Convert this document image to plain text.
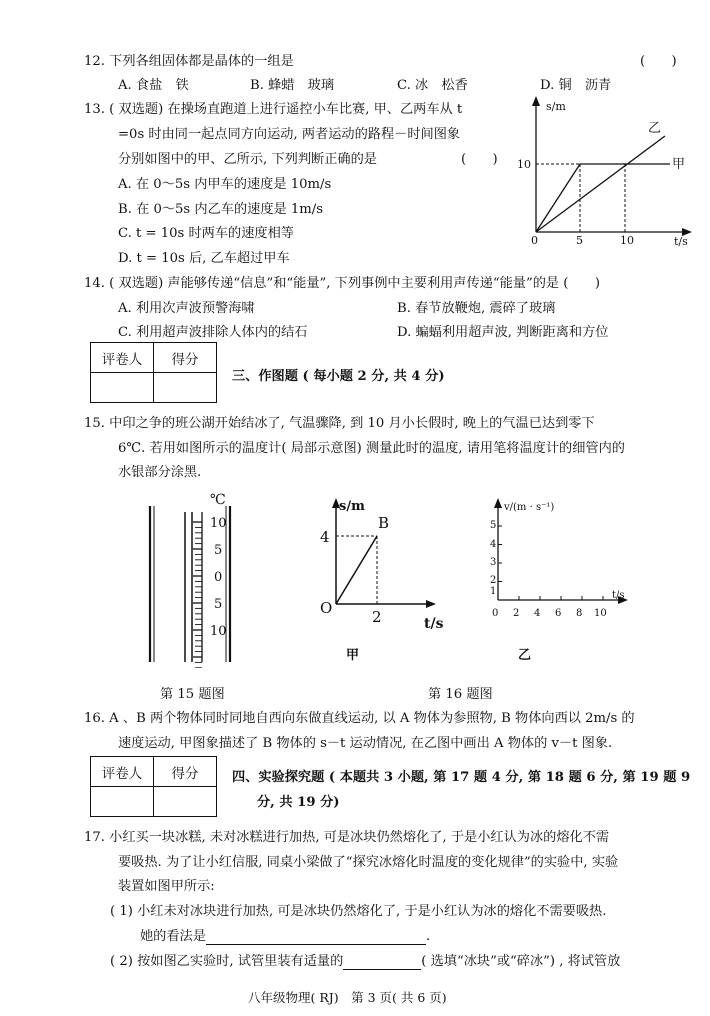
12. 下列各组固体都是晶体的一组是	(　　)
A. 食盐　铁	B. 蜂蜡　玻璃	C. 冰　松香	D. 铜　沥青
13. ( 双选题) 在操场直跑道上进行遥控小车比赛, 甲、乙两车从 t
=0s 时由同一起点同方向运动, 两者运动的路程－时间图象
分别如图中的甲、乙所示, 下列判断正确的是	(　　)
A. 在 0～5s 内甲车的速度是 10m/s
B. 在 0～5s 内乙车的速度是 1m/s
C. t = 10s 时两车的速度相等
D. t = 10s 后, 乙车超过甲车
s/m
t/s
10
0	5	10
乙
甲
14. ( 双选题) 声能够传递“信息”和“能量”, 下列事例中主要利用声传递“能量”的是 (　　)
A. 利用次声波预警海啸	B. 春节放鞭炮, 震碎了玻璃
C. 利用超声波排除人体内的结石	D. 蝙蝠利用超声波, 判断距离和方位
评卷人	得分

三、作图题 ( 每小题 2 分, 共 4 分)
15. 中印之争的班公湖开始结冰了, 气温骤降, 到 10 月小长假时, 晚上的气温已达到零下
6℃. 若用如图所示的温度计( 局部示意图) 测量此时的温度, 请用笔将温度计的细管内的
水银部分涂黑.
℃
10
5
0
5
10
s/m
t/s
4
2
O
B
甲
v/(m · s⁻¹)
t/s
5
4
3
2
1
0 2 4 6 8 10
乙
第 15 题图	第 16 题图
16. A 、B 两个物体同时同地自西向东做直线运动, 以 A 物体为参照物, B 物体向西以 2m/s 的
速度运动, 甲图象描述了 B 物体的 s－t 运动情况, 在乙图中画出 A 物体的 v－t 图象.
评卷人	得分
		四、实验探究题 ( 本题共 3 小题, 第 17 题 4 分, 第 18 题 6 分, 第 19 题 9
分, 共 19 分)
17. 小红买一块冰糕, 未对冰糕进行加热, 可是冰块仍然熔化了, 于是小红认为冰的熔化不需
要吸热. 为了让小红信服, 同桌小梁做了“探究冰熔化时温度的变化规律”的实验中, 实验
装置如图甲所示:
( 1) 小红未对冰块进行加热, 可是冰块仍然熔化了, 于是小红认为冰的熔化不需要吸热.
她的看法是	.
( 2) 按如图乙实验时, 试管里装有适量的	( 选填“冰块”或“碎冰”) , 将试管放
八年级物理( RJ)　第 3 页( 共 6 页)
